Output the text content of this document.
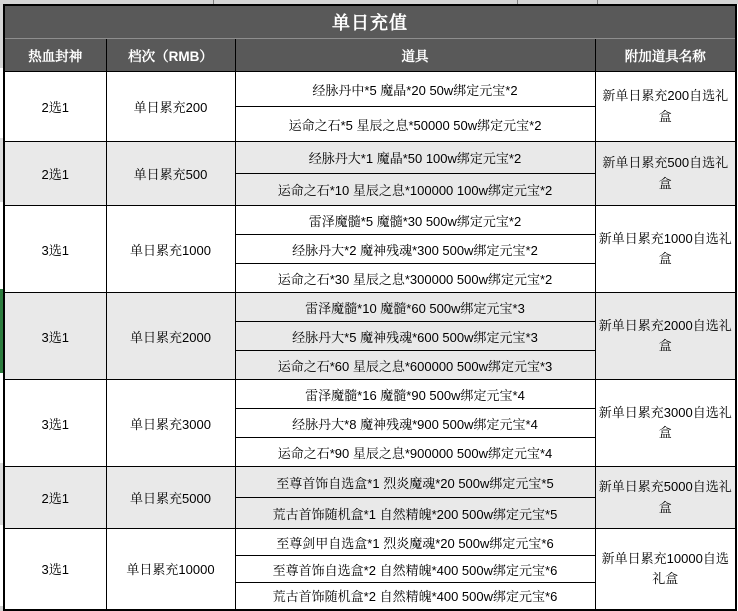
单日充值			
热血封神	档次（RMB）	道具	附加道具名称
2选1	单日累充200	经脉丹中*5 魔晶*20 50w绑定元宝*2	新单日累充200自选礼盒
		运命之石*5 星辰之息*50000 50w绑定元宝*2	
2选1	单日累充500	经脉丹大*1 魔晶*50 100w绑定元宝*2	新单日累充500自选礼盒
		运命之石*10 星辰之息*100000 100w绑定元宝*2	
3选1	单日累充1000	雷泽魔髓*5 魔髓*30 500w绑定元宝*2	新单日累充1000自选礼盒
		经脉丹大*2 魔神残魂*300 500w绑定元宝*2	
		运命之石*30 星辰之息*300000 500w绑定元宝*2	
3选1	单日累充2000	雷泽魔髓*10 魔髓*60 500w绑定元宝*3	新单日累充2000自选礼盒
		经脉丹大*5 魔神残魂*600 500w绑定元宝*3	
		运命之石*60 星辰之息*600000 500w绑定元宝*3	
3选1	单日累充3000	雷泽魔髓*16 魔髓*90 500w绑定元宝*4	新单日累充3000自选礼盒
		经脉丹大*8 魔神残魂*900 500w绑定元宝*4	
		运命之石*90 星辰之息*900000 500w绑定元宝*4	
2选1	单日累充5000	至尊首饰自选盒*1 烈炎魔魂*20 500w绑定元宝*5	新单日累充5000自选礼盒
		荒古首饰随机盒*1 自然精魄*200 500w绑定元宝*5	
3选1	单日累充10000	至尊剑甲自选盒*1 烈炎魔魂*20 500w绑定元宝*6	新单日累充10000自选礼盒
		至尊首饰自选盒*2 自然精魄*400 500w绑定元宝*6	
		荒古首饰随机盒*2 自然精魄*400 500w绑定元宝*6	
